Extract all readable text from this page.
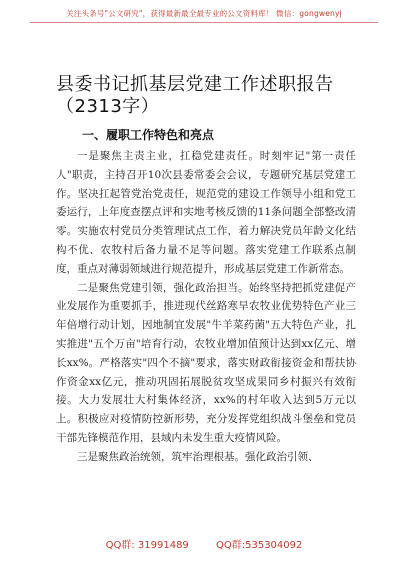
关注头条号"公文研究"，获得最新最全最专业的公文资料库！ 微信：gongwenyj
县委书记抓基层党建工作述职报告（2313字）
一、履职工作特色和亮点

一是聚焦主责主业，扛稳党建责任。时刻牢记"第一责任人"职责，主持召开10次县委常委会会议，专题研究基层党建工作。坚决扛起管党治党责任，规范党的建设工作领导小组和党工委运行，上年度查摆点评和实地考核反馈的11条问题全部整改清零。实施农村党员分类管理试点工作，着力解决党员年龄文化结构不优、农牧村后备力量不足等问题。落实党建工作联系点制度，重点对薄弱领域进行规范提升，形成基层党建工作新常态。

二是聚焦党建引领，强化政治担当。始终坚持把抓党建促产业发展作为重要抓手，推进现代丝路寒旱农牧业优势特色产业三年倍增行动计划，因地制宜发展"牛羊菜药菌"五大特色产业，扎实推进"五个万亩"培育行动，农牧业增加值预计达到xx亿元、增长xx%。严格落实"四个不摘"要求，落实财政衔接资金和帮扶协作资金xx亿元，推动巩固拓展脱贫攻坚成果同乡村振兴有效衔接。大力发展壮大村集体经济，xx%的村年收入达到5万元以上。积极应对疫情防控新形势，充分发挥党组织战斗堡垒和党员干部先锋模范作用，县域内未发生重大疫情风险。

三是聚焦政治统领，筑牢治理根基。强化政治引领、

QQ群: 31991489	QQ群:535304092
